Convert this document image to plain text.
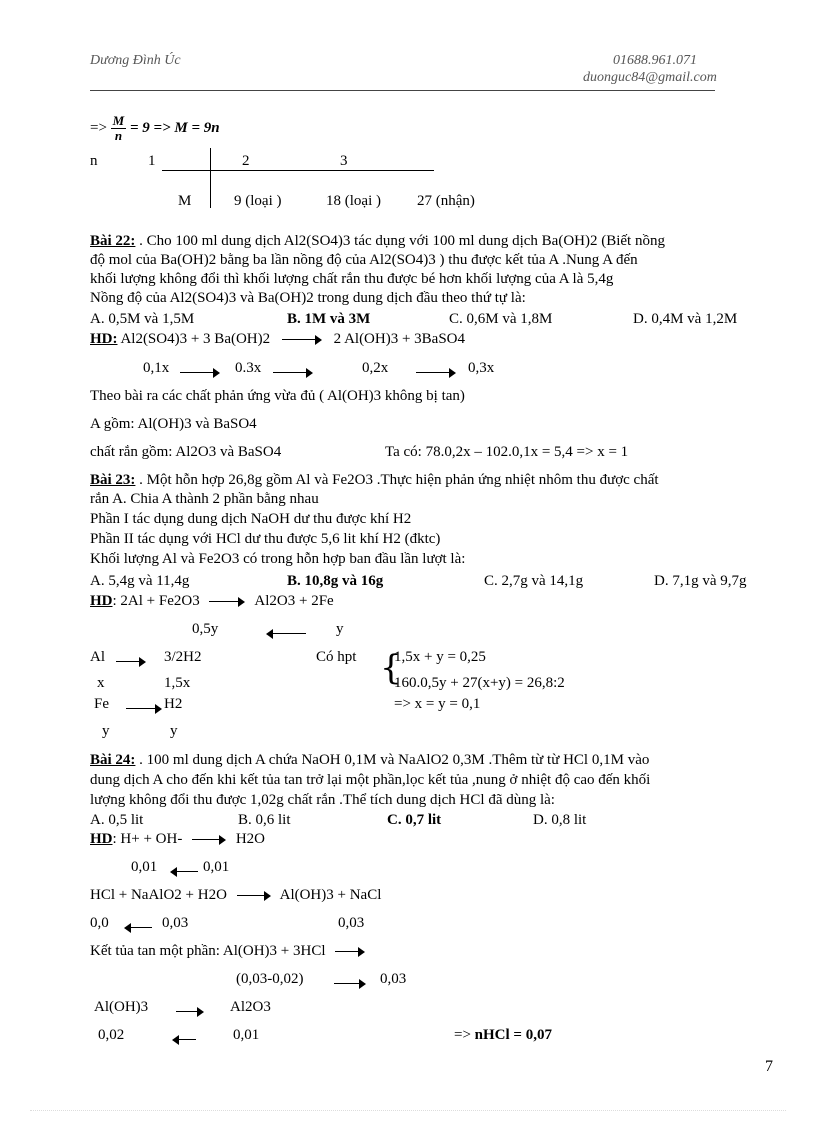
Dương Đình Úc	01688.961.071
duonguc84@gmail.com
=> $\frac{M}{n} = 9 => M = 9n$
n	1	2	3
M	9 (loại )	18 (loại ) 27 (nhận)
Bài 22: . Cho 100 ml dung dịch Al2(SO4)3 tác dụng với 100 ml dung dịch Ba(OH)2 (Biết nồng
độ mol của Ba(OH)2 bằng ba lần nồng độ của Al2(SO4)3 ) thu được kết tủa A .Nung A đến
khối lượng không đổi thì khối lượng chất rắn thu được bé hơn khối lượng của A là 5,4g
Nồng độ của Al2(SO4)3 và Ba(OH)2 trong dung dịch đầu theo thứ tự là:
A. 0,5M và 1,5M	B. 1M và 3M	C. 0,6M và 1,8M	D. 0,4M và 1,2M
HD: Al2(SO4)3 + 3 Ba(OH)2	2 Al(OH)3 + 3BaSO4
0,1x	0.3x	0,2x	0,3x
Theo bài ra các chất phản ứng vừa đủ ( Al(OH)3 không bị tan)
A gồm: Al(OH)3 và BaSO4
chất rắn gồm: Al2O3 và BaSO4	Ta có: 78.0,2x – 102.0,1x = 5,4 => x = 1
Bài 23: . Một hỗn hợp 26,8g gồm Al và Fe2O3 .Thực hiện phản ứng nhiệt nhôm thu được chất
rắn A. Chia A thành 2 phần bằng nhau
Phần I tác dụng dung dịch NaOH dư thu được khí H2
Phần II tác dụng với HCl dư thu được 5,6 lit khí H2 (đktc)
Khối lượng Al và Fe2O3 có trong hỗn hợp ban đầu lần lượt là:
A. 5,4g và 11,4g	B. 10,8g và 16g	C. 2,7g và 14,1g	D. 7,1g và 9,7g
HD: 2Al + Fe2O3	Al2O3 + 2Fe
0,5y	y
Al	3/2H2	Có hpt {
1,5x + y = 0,25
160.0,5y + 27(x+y) = 26,8:2
x	1,5x
Fe	H2	=> x = y = 0,1
y	y
Bài 24: . 100 ml dung dịch A chứa NaOH 0,1M và NaAlO2 0,3M .Thêm từ từ HCl 0,1M vào
dung dịch A cho đến khi kết tủa tan trở lại một phần,lọc kết tủa ,nung ở nhiệt độ cao đến khối
lượng không đổi thu được 1,02g chất rắn .Thể tích dung dịch HCl đã dùng là:
A. 0,5 lit	B. 0,6 lit	C. 0,7 lit	D. 0,8 lit
HD: H+ + OH-	H2O
0,01	0,01
HCl + NaAlO2 + H2O	Al(OH)3 + NaCl
0,0	0,03	0,03
Kết tủa tan một phần: Al(OH)3 + 3HCl
(0,03-0,02)	0,03
Al(OH)3	Al2O3
0,02	0,01	=> nHCl = 0,07
7
